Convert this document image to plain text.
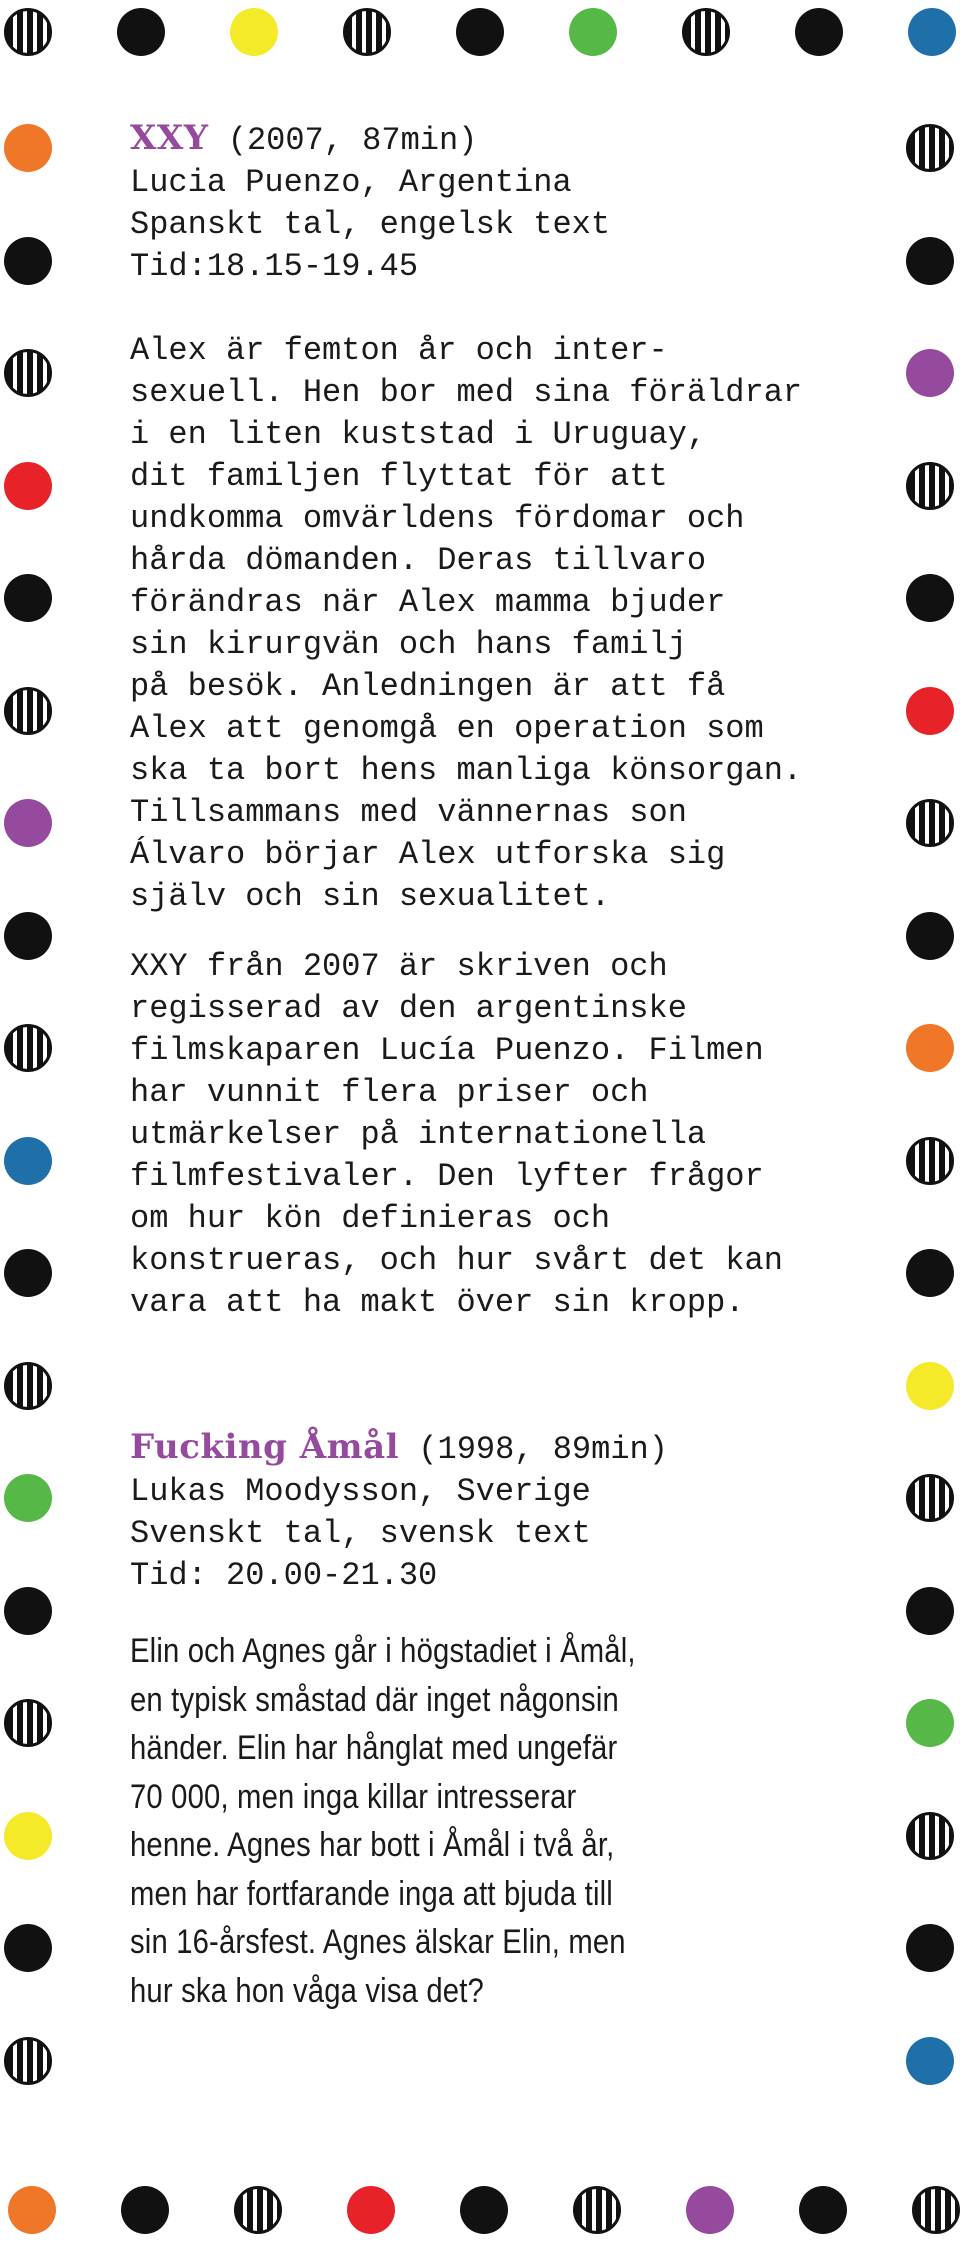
XXY (2007, 87min)
Lucia Puenzo, Argentina
Spanskt tal, engelsk text
Tid:18.15-19.45

Alex är femton år och inter-
sexuell. Hen bor med sina föräldrar
i en liten kuststad i Uruguay,
dit familjen flyttat för att
undkomma omvärldens fördomar och
hårda dömanden. Deras tillvaro
förändras när Alex mamma bjuder
sin kirurgvän och hans familj
på besök. Anledningen är att få
Alex att genomgå en operation som
ska ta bort hens manliga könsorgan.
Tillsammans med vännernas son
Álvaro börjar Alex utforska sig
själv och sin sexualitet.

XXY från 2007 är skriven och
regisserad av den argentinske
filmskaparen Lucía Puenzo. Filmen
har vunnit flera priser och
utmärkelser på internationella
filmfestivaler. Den lyfter frågor
om hur kön definieras och
konstrueras, och hur svårt det kan
vara att ha makt över sin kropp.

Fucking Åmål (1998, 89min)
Lukas Moodysson, Sverige
Svenskt tal, svensk text
Tid: 20.00-21.30

Elin och Agnes går i högstadiet i Åmål,
en typisk småstad där inget någonsin
händer. Elin har hånglat med ungefär
70 000, men inga killar intresserar
henne. Agnes har bott i Åmål i två år,
men har fortfarande inga att bjuda till
sin 16-årsfest. Agnes älskar Elin, men
hur ska hon våga visa det?
